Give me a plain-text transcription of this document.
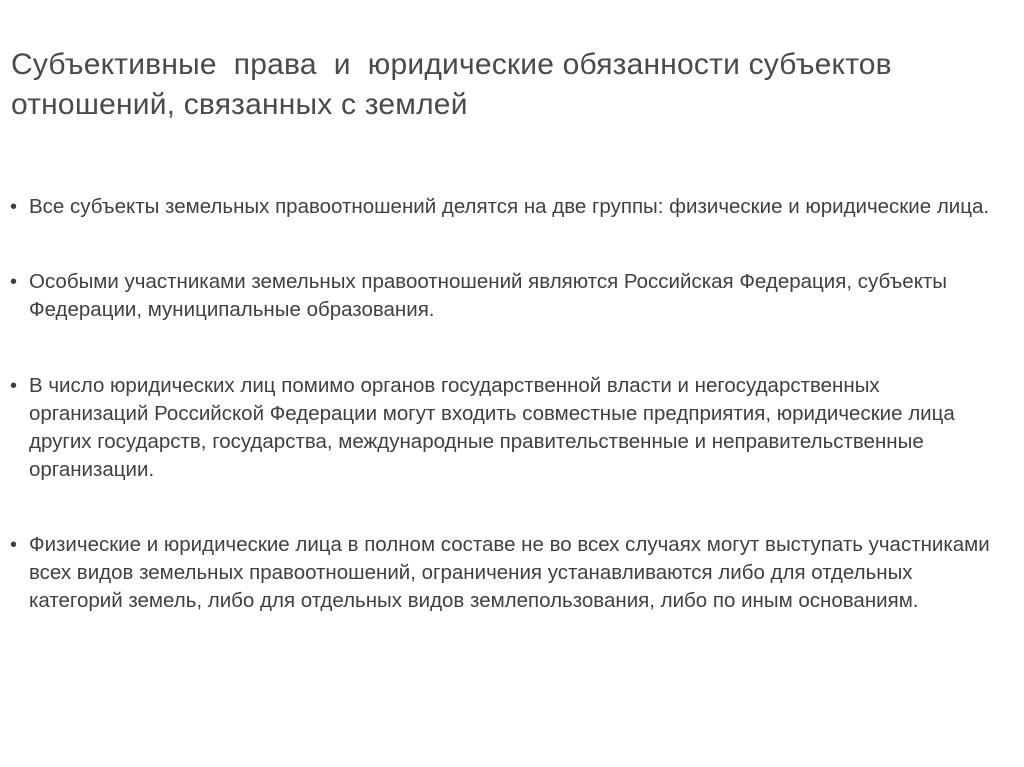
Субъективные  права  и  юридические обязанности субъектов отношений, связанных с землей
• Все субъекты земельных правоотношений делятся на две группы: физические и юридические лица.
• Особыми участниками земельных правоотношений являются Российская Федерация, субъекты Федерации, муниципальные образования.
• В число юридических лиц помимо органов государственной власти и негосударственных организаций Российской Федерации могут входить совместные предприятия, юридические лица других государств, государства, международные правительственные и неправительственные организации.
• Физические и юридические лица в полном составе не во всех случаях могут выступать участниками всех видов земельных правоотношений, ограничения устанавливаются либо для отдельных категорий земель, либо для отдельных видов землепользования, либо по иным основаниям.
